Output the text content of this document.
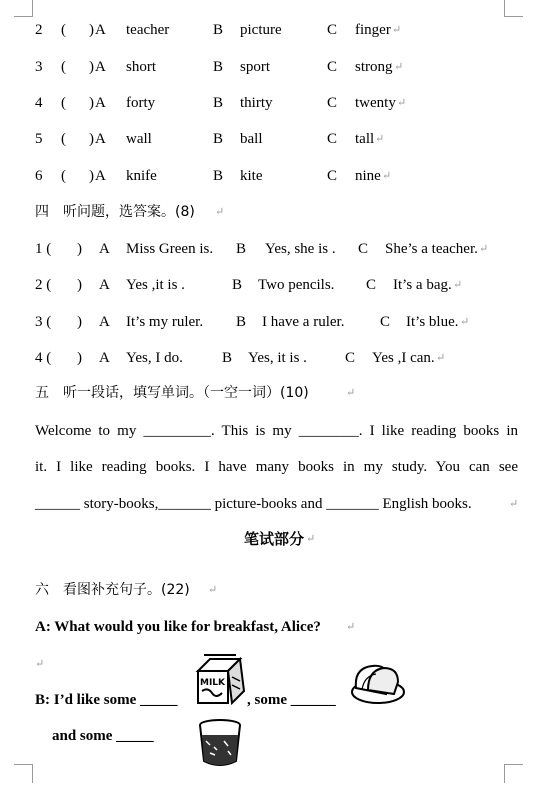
2 ( ) A teacher	B picture	C finger ↵
3 ( ) A short	B sport	C strong ↵
4 ( ) A forty	B thirty	C twenty ↵
5 ( ) A wall	B ball	C tall ↵
6 ( ) A knife	B kite	C nine ↵
四　听问题，选答案。(8) ↵
1 ( ) A Miss Green is. B Yes, she is . C She’s a teacher. ↵
2 ( ) A Yes ,it is .	B Two pencils. C It’s a bag. ↵
3 ( ) A It’s my ruler. B I have a ruler. C It’s blue. ↵
4 ( ) A Yes, I do.	B Yes, it is .	C Yes ,I can. ↵
五　听一段话，填写单词。（一空一词）(10)	↵
Welcome to my _________. This is my ________. I like reading books in
it. I like reading books. I have many books in my study. You can see
______ story-books,_______ picture-books and _______ English books.	↵
笔试部分 ↵
六　看图补充句子。(22) ↵
A: What would you like for breakfast, Alice? ↵
↵
B: I’d like some _____	, some ______
and some _____
MILK
